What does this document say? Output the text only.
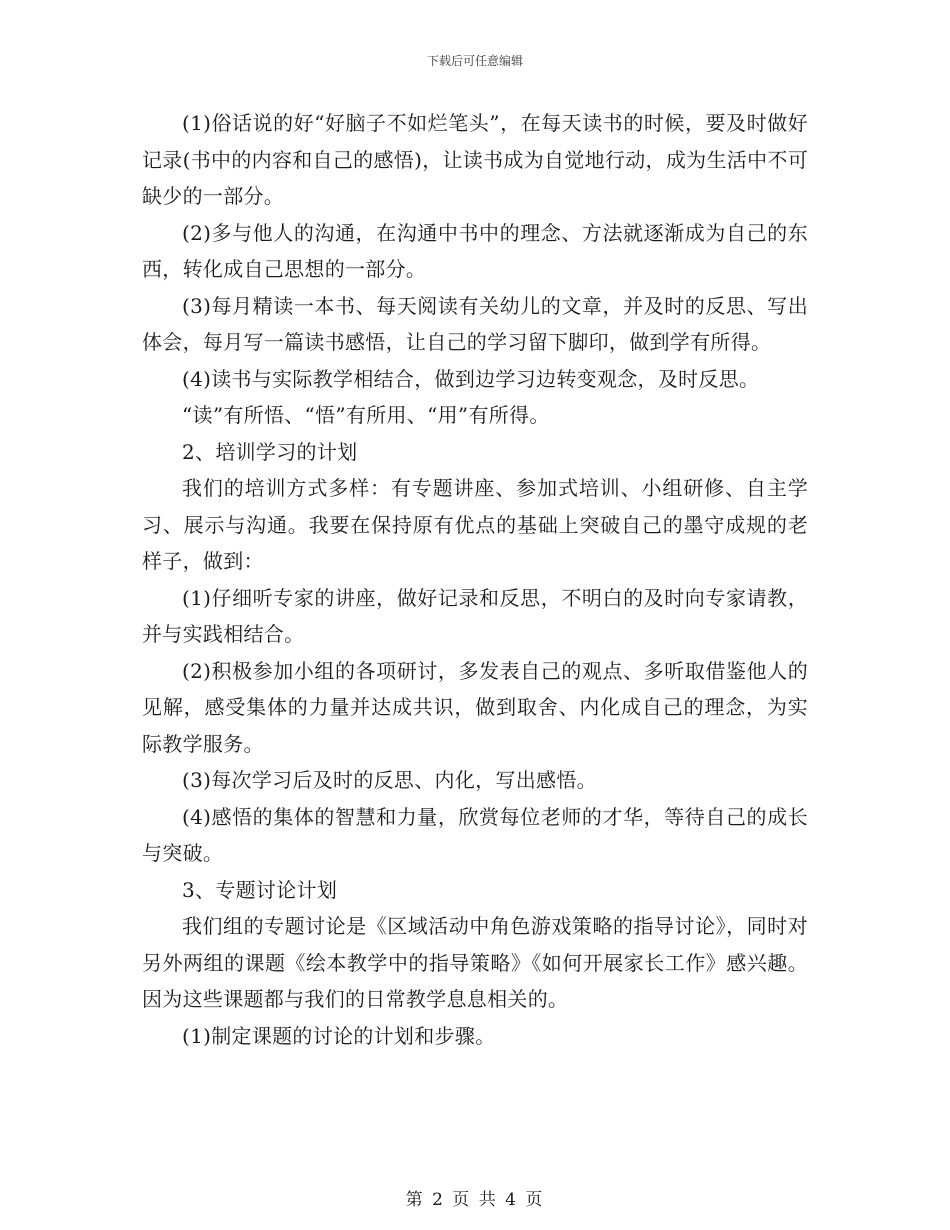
下载后可任意编辑

(1)俗话说的好“好脑子不如烂笔头”，在每天读书的时候，要及时做好记录(书中的内容和自己的感悟)，让读书成为自觉地行动，成为生活中不可缺少的一部分。

(2)多与他人的沟通，在沟通中书中的理念、方法就逐渐成为自己的东西，转化成自己思想的一部分。

(3)每月精读一本书、每天阅读有关幼儿的文章，并及时的反思、写出体会，每月写一篇读书感悟，让自己的学习留下脚印，做到学有所得。

(4)读书与实际教学相结合，做到边学习边转变观念，及时反思。

“读”有所悟、“悟”有所用、“用”有所得。

2、培训学习的计划

我们的培训方式多样：有专题讲座、参加式培训、小组研修、自主学习、展示与沟通。我要在保持原有优点的基础上突破自己的墨守成规的老样子，做到：

(1)仔细听专家的讲座，做好记录和反思，不明白的及时向专家请教，并与实践相结合。

(2)积极参加小组的各项研讨，多发表自己的观点、多听取借鉴他人的见解，感受集体的力量并达成共识，做到取舍、内化成自己的理念，为实际教学服务。

(3)每次学习后及时的反思、内化，写出感悟。

(4)感悟的集体的智慧和力量，欣赏每位老师的才华，等待自己的成长与突破。

3、专题讨论计划

我们组的专题讨论是《区域活动中角色游戏策略的指导讨论》，同时对另外两组的课题《绘本教学中的指导策略》《如何开展家长工作》感兴趣。因为这些课题都与我们的日常教学息息相关的。

(1)制定课题的讨论的计划和步骤。

第 2 页 共 4 页
